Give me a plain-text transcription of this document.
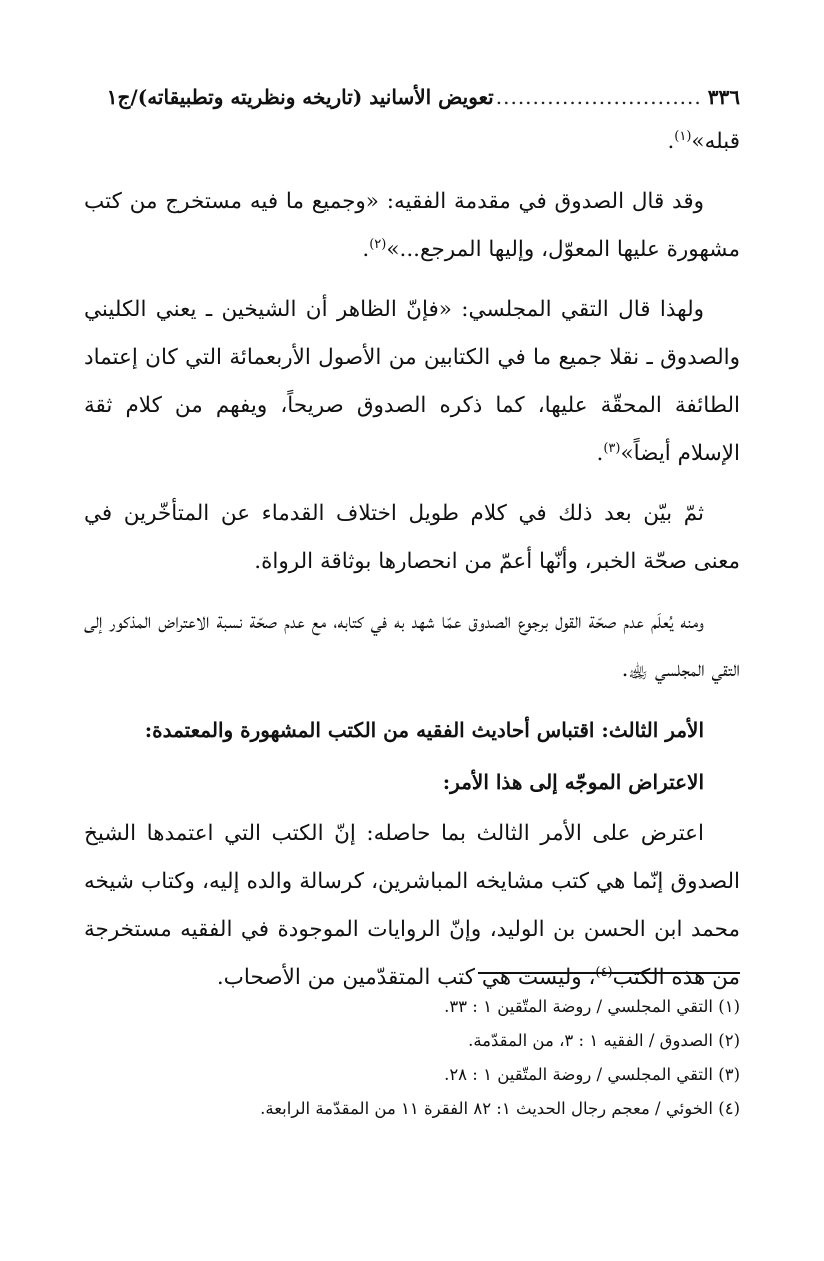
٣٣٦
............................
تعويض الأسانيد (تاريخه ونظريته وتطبيقاته)/ج١

قبله»$^{(١)}$.

وقد قال الصدوق في مقدمة الفقيه: «وجميع ما فيه مستخرج من كتب مشهورة عليها المعوّل، وإليها المرجع...»$^{(٢)}$.

ولهذا قال التقي المجلسي: «فإنّ الظاهر أن الشيخين ـ يعني الكليني والصدوق ـ نقلا جميع ما في الكتابين من الأصول الأربعمائة التي كان إعتماد الطائفة المحقّة عليها، كما ذكره الصدوق صريحاً، ويفهم من كلام ثقة الإسلام أيضاً»$^{(٣)}$.

ثمّ بيّن بعد ذلك في كلام طويل اختلاف القدماء عن المتأخّرين في معنى صحّة الخبر، وأنّها أعمّ من انحصارها بوثاقة الرواة.

ومنه يُعلَم عدم صحّة القول برجوع الصدوق عمّا شهد به في كتابه، مع عدم صحّة نسبة الاعتراض المذكور إلى التقي المجلسي ﵀.

الأمر الثالث: اقتباس أحاديث الفقيه من الكتب المشهورة والمعتمدة:

الاعتراض الموجّه إلى هذا الأمر:

اعترض على الأمر الثالث بما حاصله: إنّ الكتب التي اعتمدها الشيخ الصدوق إنّما هي كتب مشايخه المباشرين، كرسالة والده إليه، وكتاب شيخه محمد ابن الحسن بن الوليد، وإنّ الروايات الموجودة في الفقيه مستخرجة من هذه الكتب$^{(٤)}$، وليست هي كتب المتقدّمين من الأصحاب.

(١) التقي المجلسي / روضة المتّقين ١ : ٣٣.

(٢) الصدوق / الفقيه ١ : ٣، من المقدّمة.

(٣) التقي المجلسي / روضة المتّقين ١ : ٢٨.

(٤) الخوئي / معجم رجال الحديث ١: ٨٢ الفقرة ١١ من المقدّمة الرابعة.
